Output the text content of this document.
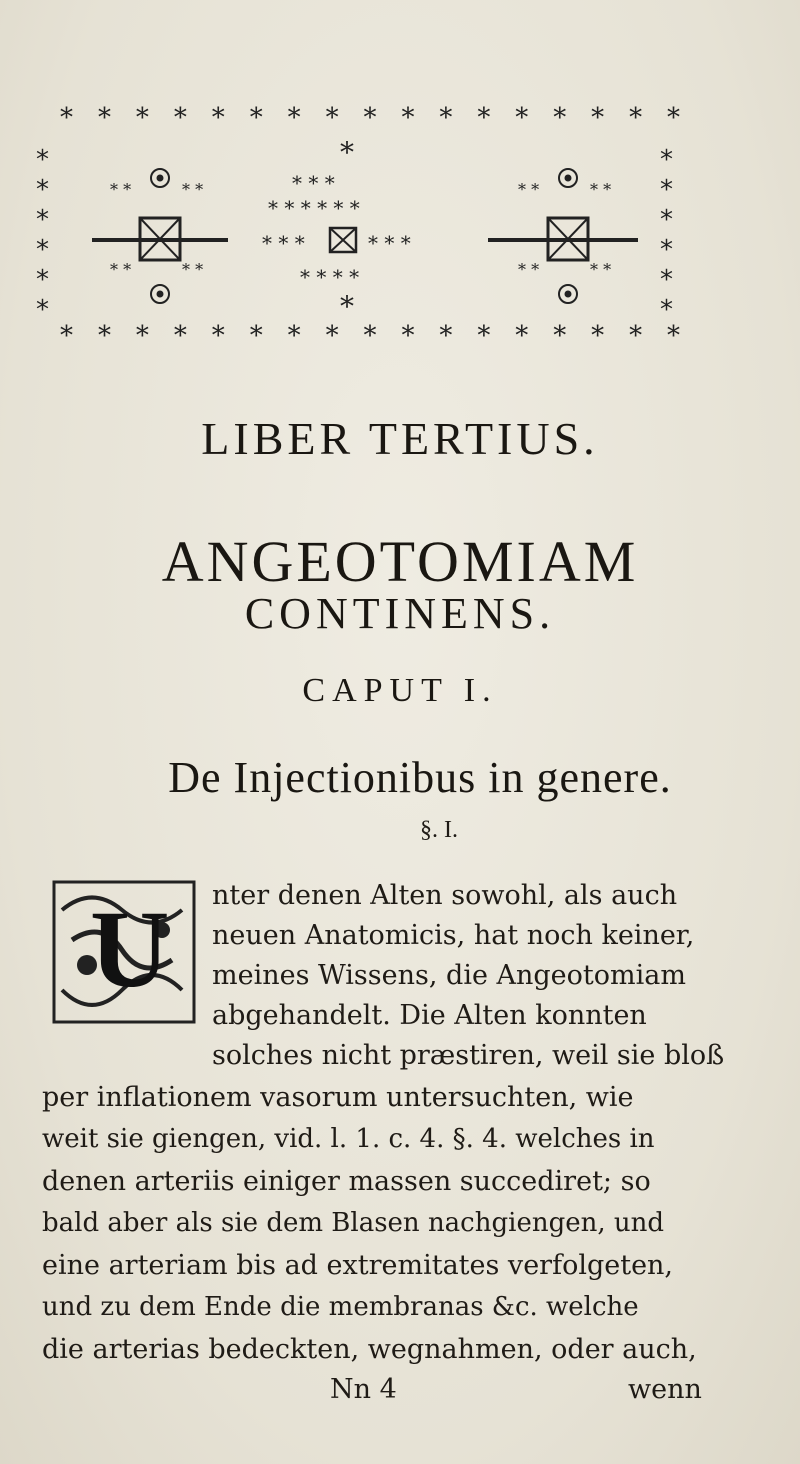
* * * * * * * * * * * * * * * * *
* * * * * * * * * * * * * * * * *
*
*
*
*
*
*
*
*
*
*
*
*
* *	* *
* *	* *
*
* * *
* * * * * *
* * *	* * *
* * * *
*
* *	* *
* *	* *
LIBER TERTIUS.
ANGEOTOMIAM
CONTINENS.
CAPUT I.
De Injectionibus in genere.
§. I.
U nter denen Alten sowohl, als auch
neuen Anatomicis, hat noch keiner,
meines Wissens, die Angeotomiam
abgehandelt. Die Alten konnten
solches nicht præstiren, weil sie bloß
per inflationem vasorum untersuchten, wie
weit sie giengen, vid. l. 1. c. 4. §. 4. welches in
denen arteriis einiger massen succediret; so
bald aber als sie dem Blasen nachgiengen, und
eine arteriam bis ad extremitates verfolgeten,
und zu dem Ende die membranas &c. welche
die arterias bedeckten, wegnahmen, oder auch,
Nn 4	wenn
